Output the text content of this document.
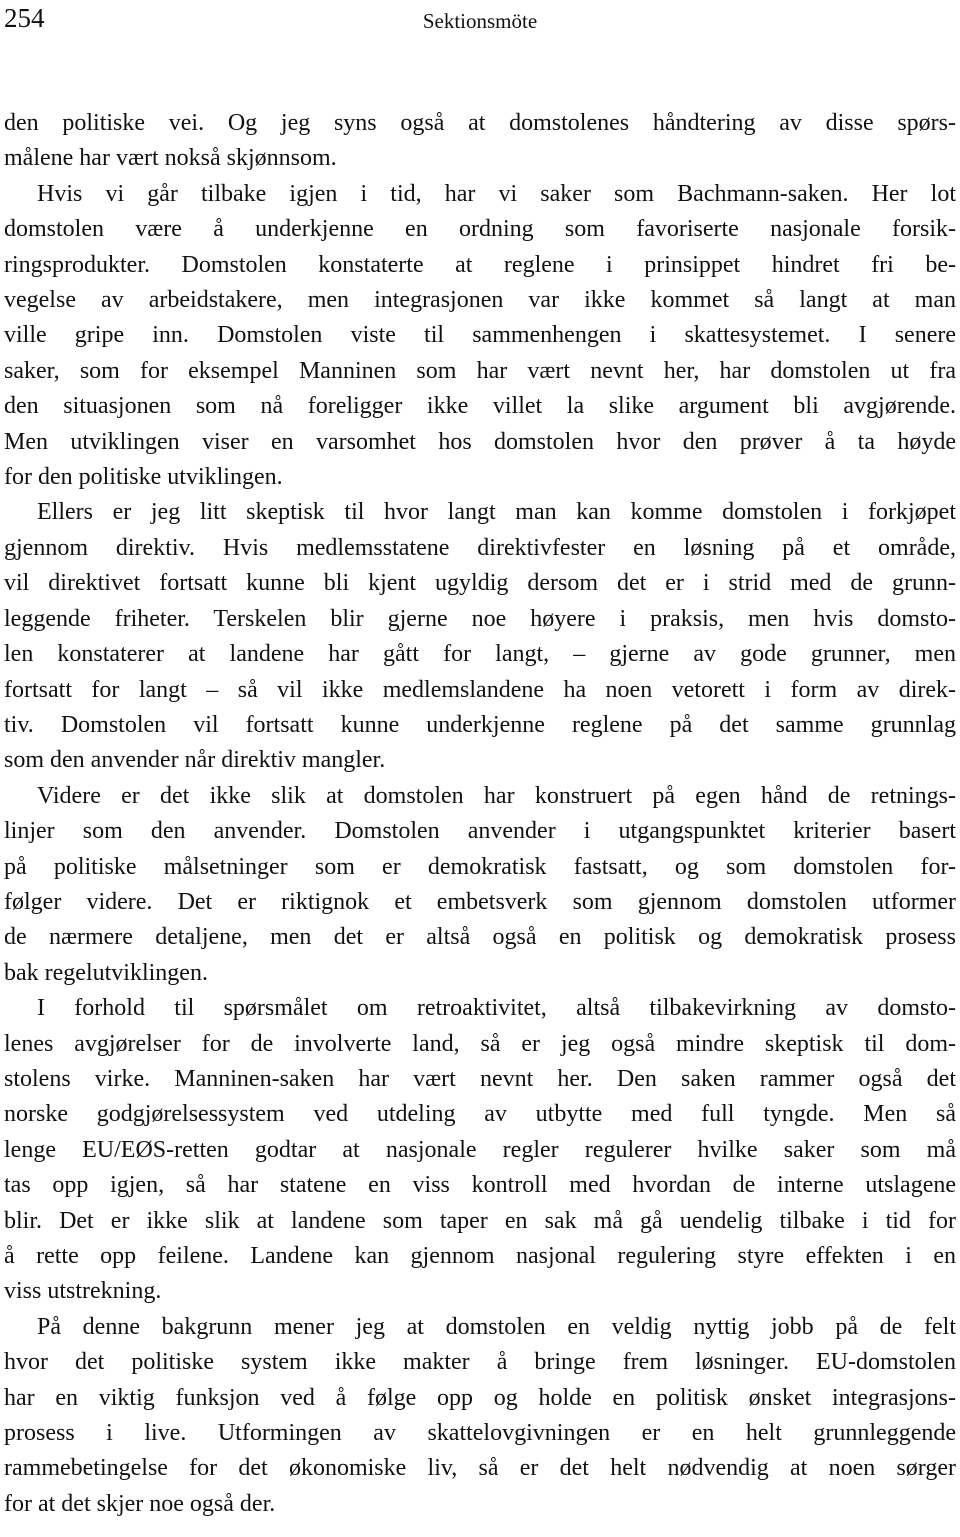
254	Sektionsmöte

den politiske vei. Og jeg syns også at domstolenes håndtering av disse spørs-
målene har vært nokså skjønnsom.

Hvis vi går tilbake igjen i tid, har vi saker som Bachmann-saken. Her lot
domstolen være å underkjenne en ordning som favoriserte nasjonale forsik-
ringsprodukter. Domstolen konstaterte at reglene i prinsippet hindret fri be-
vegelse av arbeidstakere, men integrasjonen var ikke kommet så langt at man
ville gripe inn. Domstolen viste til sammenhengen i skattesystemet. I senere
saker, som for eksempel Manninen som har vært nevnt her, har domstolen ut fra
den situasjonen som nå foreligger ikke villet la slike argument bli avgjørende.
Men utviklingen viser en varsomhet hos domstolen hvor den prøver å ta høyde
for den politiske utviklingen.

Ellers er jeg litt skeptisk til hvor langt man kan komme domstolen i forkjøpet
gjennom direktiv. Hvis medlemsstatene direktivfester en løsning på et område,
vil direktivet fortsatt kunne bli kjent ugyldig dersom det er i strid med de grunn-
leggende friheter. Terskelen blir gjerne noe høyere i praksis, men hvis domsto-
len konstaterer at landene har gått for langt, – gjerne av gode grunner, men
fortsatt for langt – så vil ikke medlemslandene ha noen vetorett i form av direk-
tiv. Domstolen vil fortsatt kunne underkjenne reglene på det samme grunnlag
som den anvender når direktiv mangler.

Videre er det ikke slik at domstolen har konstruert på egen hånd de retnings-
linjer som den anvender. Domstolen anvender i utgangspunktet kriterier basert
på politiske målsetninger som er demokratisk fastsatt, og som domstolen for-
følger videre. Det er riktignok et embetsverk som gjennom domstolen utformer
de nærmere detaljene, men det er altså også en politisk og demokratisk prosess
bak regelutviklingen.

I forhold til spørsmålet om retroaktivitet, altså tilbakevirkning av domsto-
lenes avgjørelser for de involverte land, så er jeg også mindre skeptisk til dom-
stolens virke. Manninen-saken har vært nevnt her. Den saken rammer også det
norske godgjørelsessystem ved utdeling av utbytte med full tyngde. Men så
lenge EU/EØS-retten godtar at nasjonale regler regulerer hvilke saker som må
tas opp igjen, så har statene en viss kontroll med hvordan de interne utslagene
blir. Det er ikke slik at landene som taper en sak må gå uendelig tilbake i tid for
å rette opp feilene. Landene kan gjennom nasjonal regulering styre effekten i en
viss utstrekning.

På denne bakgrunn mener jeg at domstolen en veldig nyttig jobb på de felt
hvor det politiske system ikke makter å bringe frem løsninger. EU-domstolen
har en viktig funksjon ved å følge opp og holde en politisk ønsket integrasjons-
prosess i live. Utformingen av skattelovgivningen er en helt grunnleggende
rammebetingelse for det økonomiske liv, så er det helt nødvendig at noen sørger
for at det skjer noe også der.
